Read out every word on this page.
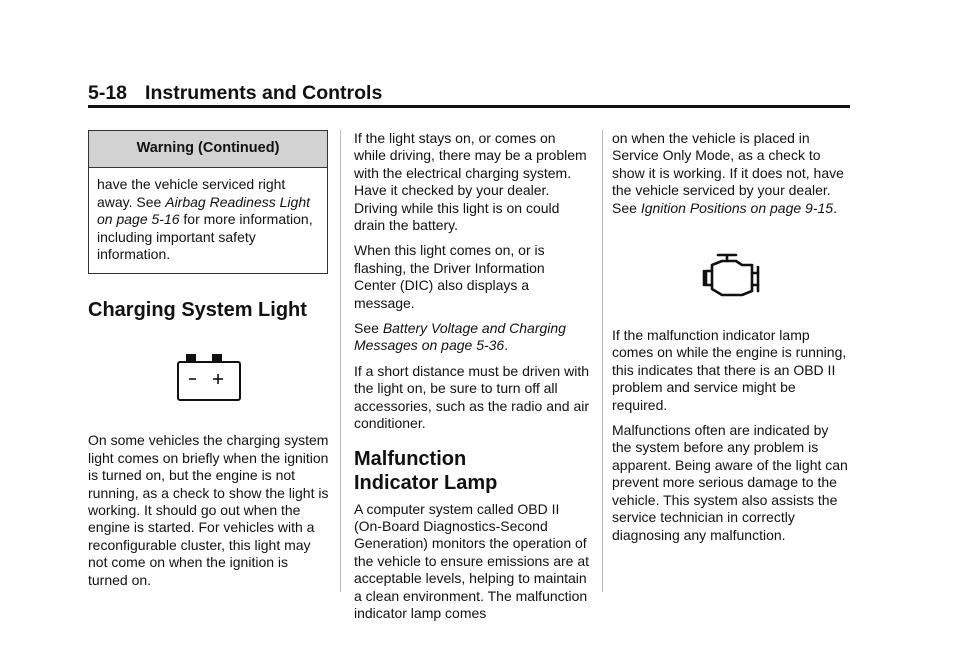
5-18 Instruments and Controls
Warning (Continued)
have the vehicle serviced right away. See Airbag Readiness Light on page 5-16 for more information, including important safety information.
Charging System Light

On some vehicles the charging system light comes on briefly when the ignition is turned on, but the engine is not running, as a check to show the light is working. It should go out when the engine is started. For vehicles with a reconfigurable cluster, this light may not come on when the ignition is turned on.

If the light stays on, or comes on while driving, there may be a problem with the electrical charging system. Have it checked by your dealer. Driving while this light is on could drain the battery.

When this light comes on, or is flashing, the Driver Information Center (DIC) also displays a message.

See Battery Voltage and Charging Messages on page 5-36.

If a short distance must be driven with the light on, be sure to turn off all accessories, such as the radio and air conditioner.

Malfunction
Indicator Lamp

A computer system called OBD II (On-Board Diagnostics-Second Generation) monitors the operation of the vehicle to ensure emissions are at acceptable levels, helping to maintain a clean environment. The malfunction indicator lamp comes

on when the vehicle is placed in Service Only Mode, as a check to show it is working. If it does not, have the vehicle serviced by your dealer. See Ignition Positions on page 9-15.

If the malfunction indicator lamp comes on while the engine is running, this indicates that there is an OBD II problem and service might be required.

Malfunctions often are indicated by the system before any problem is apparent. Being aware of the light can prevent more serious damage to the vehicle. This system also assists the service technician in correctly diagnosing any malfunction.
